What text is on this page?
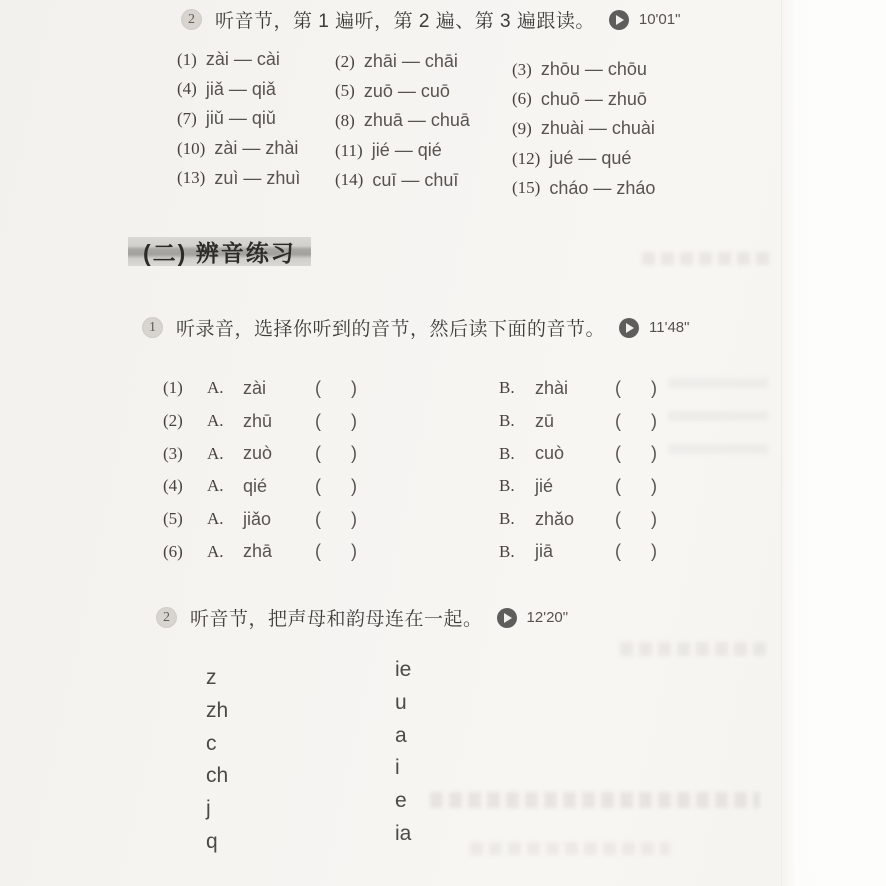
2	听音节，第 1 遍听，第 2 遍、第 3 遍跟读。	10'01"
(1) zài — cài	(2) zhāi — chāi	(3) zhōu — chōu
(4) jiǎ — qiǎ	(5) zuō — cuō	(6) chuō — zhuō
(7) jiǔ — qiǔ	(8) zhuā — chuā (9) zhuài — chuài
(10) zài — zhài (11) jié — qié	(12) jué — qué
(13) zuì — zhuì (14) cuī — chuī	(15) cháo — zháo
(二) 辨音练习
1	听录音，选择你听到的音节，然后读下面的音节。	11'48"
(1)	A.	zài	( )	B.	zhài	( )
(2)	A.	zhū	( )	B.	zū	( )
(3)	A.	zuò	( )	B.	cuò	( )
(4)	A.	qié	( )	B.	jié	( )
(5)	A.	jiǎo	( )	B.	zhǎo	( )
(6)	A.	zhā	( )	B.	jiā	( )
2	听音节，把声母和韵母连在一起。	12'20"
z
zh
c
ch
j
q
ie
u
a
i
e
ia
